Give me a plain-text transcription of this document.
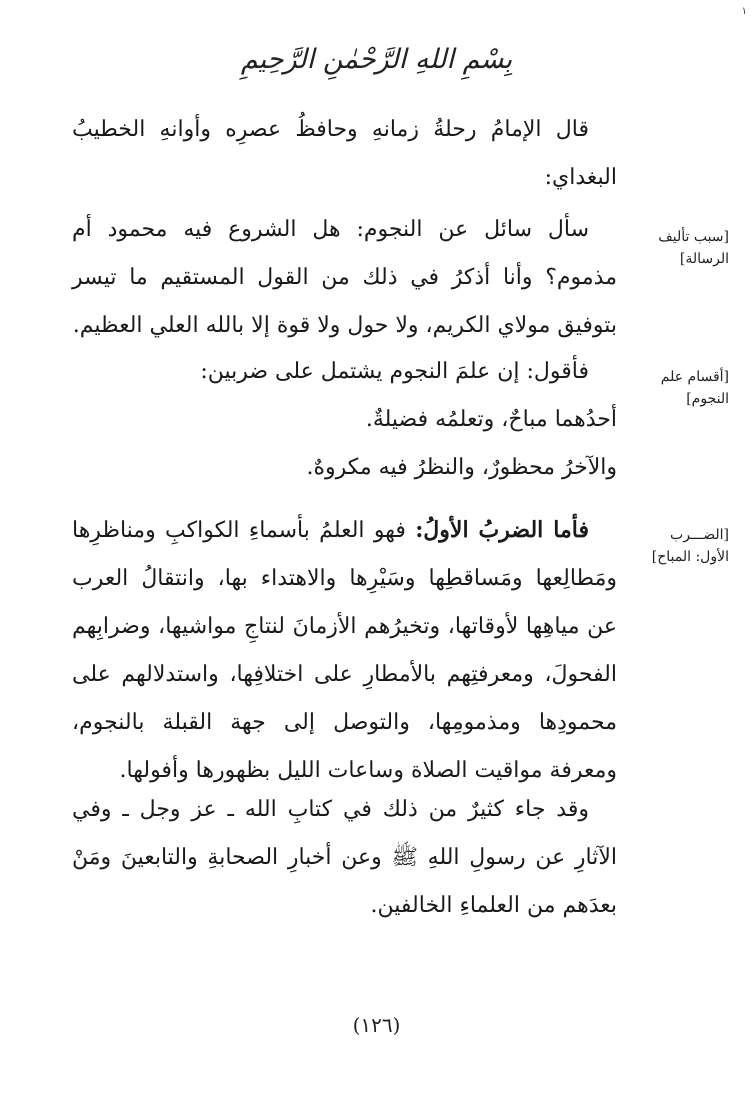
١
بِسْمِ اللهِ الرَّحْمٰنِ الرَّحِيمِ

قال الإمامُ رحلةُ زمانهِ وحافظُ عصرِه وأوانهِ الخطيبُ البغداي:

[سبب تأليف الرسالة]

سأل سائل عن النجوم: هل الشروع فيه محمود أم مذموم؟ وأنا أذكرُ في ذلك من القول المستقيم ما تيسر بتوفيق مولاي الكريم، ولا حول ولا قوة إلا بالله العلي العظيم.

[أقسام علم النجوم]

فأقول: إن علمَ النجوم يشتمل على ضربين:

أحدُهما مباحٌ، وتعلمُه فضيلةٌ.

والآخرُ محظورٌ، والنظرُ فيه مكروهٌ.

[الضـــرب الأول: المباح]

فأما الضربُ الأولُ: فهو العلمُ بأسماءِ الكواكبِ ومناظرِها ومَطالِعها ومَساقطِها وسَيْرِها والاهتداء بها، وانتقالُ العرب عن مياهِها لأوقاتها، وتخيرُهم الأزمانَ لنتاجِ مواشيها، وضرابِهم الفحولَ، ومعرفتِهم بالأمطارِ على اختلافِها، واستدلالهم على محمودِها ومذمومِها، والتوصل إلى جهة القبلة بالنجوم، ومعرفة مواقيت الصلاة وساعات الليل بظهورها وأفولها.

وقد جاء كثيرٌ من ذلك في كتابِ الله ـ عز وجل ـ وفي الآثارِ عن رسولِ اللهِ ﷺ وعن أخبارِ الصحابةِ والتابعينَ ومَنْ بعدَهم من العلماءِ الخالفين.

(١٢٦)
